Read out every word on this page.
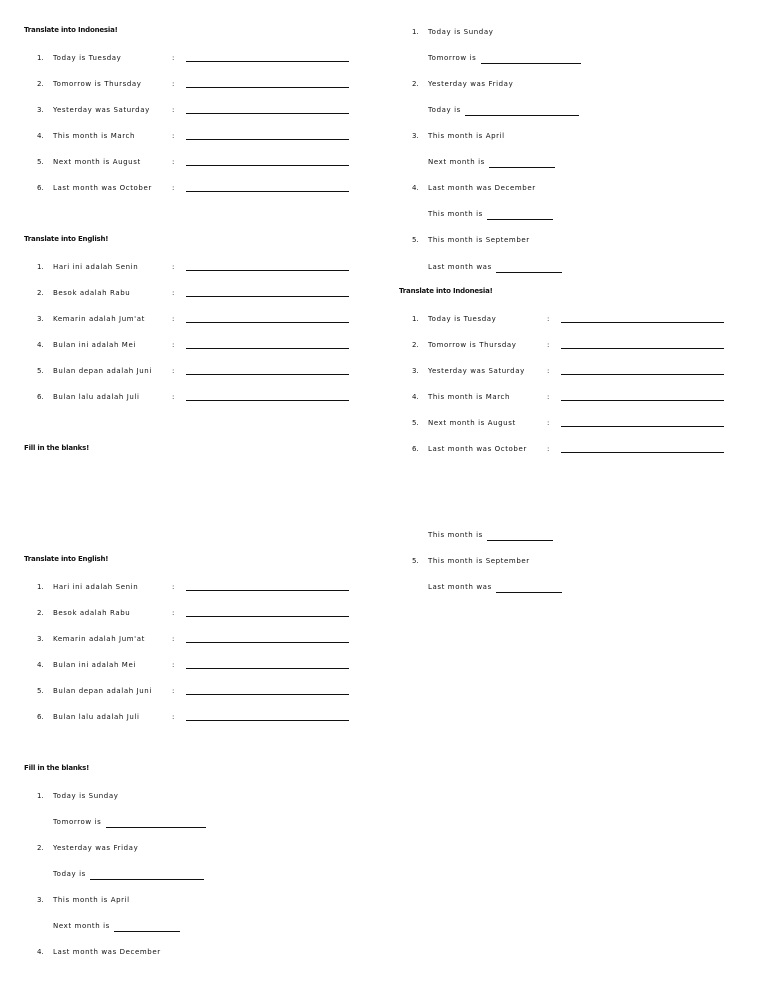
Translate into Indonesia!
1.	Today is Tuesday	:
2.	Tomorrow is Thursday	:
3.	Yesterday was Saturday	:
4.	This month is March	:
5.	Next month is August	:
6.	Last month was October	:
Translate into English!
1.	Hari ini adalah Senin	:
2.	Besok adalah Rabu	:
3.	Kemarin adalah Jum'at	:
4.	Bulan ini adalah Mei	:
5.	Bulan depan adalah Juni	:
6.	Bulan lalu adalah Juli	:
Fill in the blanks!
Translate into English!
1.	Hari ini adalah Senin	:
2.	Besok adalah Rabu	:
3.	Kemarin adalah Jum'at	:
4.	Bulan ini adalah Mei	:
5.	Bulan depan adalah Juni	:
6.	Bulan lalu adalah Juli	:
Fill in the blanks!
1.	Today is Sunday
Tomorrow is
2.	Yesterday was Friday
Today is
3.	This month is April
Next month is
4.	Last month was December
1.	Today is Sunday
Tomorrow is
2.	Yesterday was Friday
Today is
3.	This month is April
Next month is
4.	Last month was December
This month is
5.	This month is September
Last month was
Translate into Indonesia!
1.	Today is Tuesday	:
2.	Tomorrow is Thursday	:
3.	Yesterday was Saturday	:
4.	This month is March	:
5.	Next month is August	:
6.	Last month was October	:
This month is
5.	This month is September
Last month was
